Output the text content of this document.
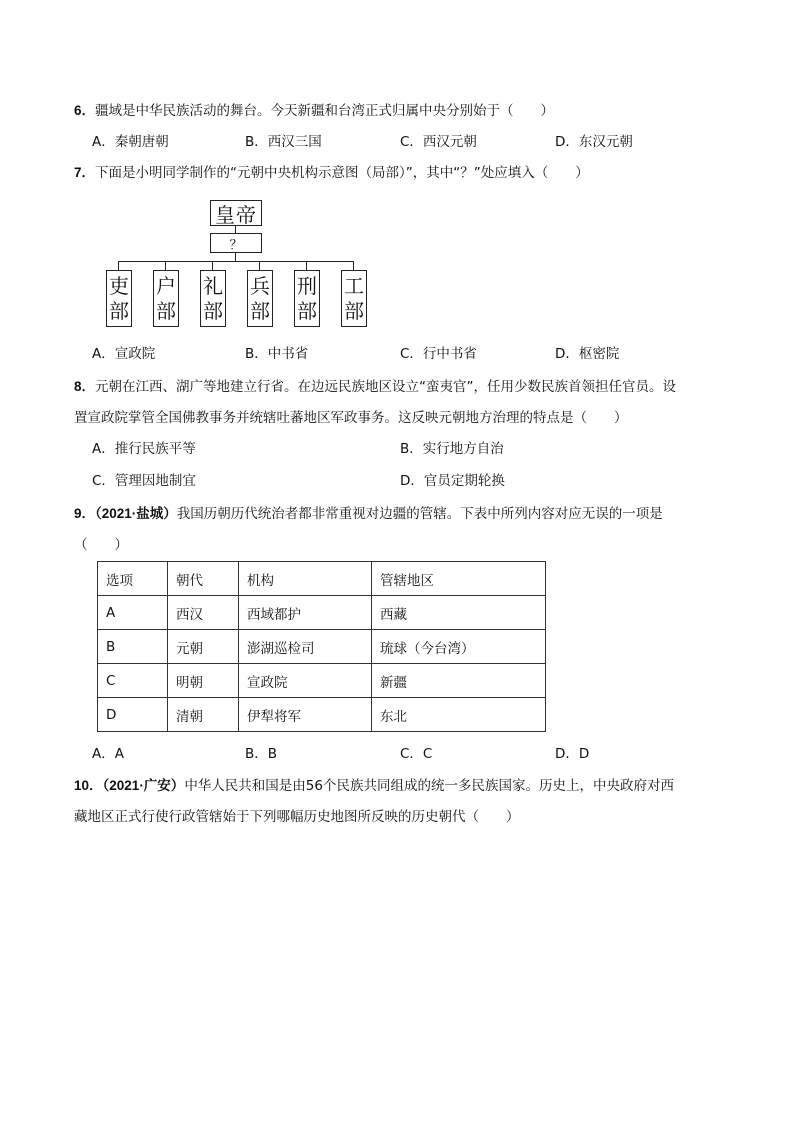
6．疆域是中华民族活动的舞台。今天新疆和台湾正式归属中央分别始于（　　）
A．秦朝唐朝	B．西汉三国	C．西汉元朝	D．东汉元朝
7．下面是小明同学制作的“元朝中央机构示意图（局部）”，其中“？”处应填入（　　）
皇帝
？
吏
部
户
部
礼
部
兵
部
刑
部
工
部
A．宣政院	B．中书省	C．行中书省	D．枢密院
8．元朝在江西、湖广等地建立行省。在边远民族地区设立“蛮夷官”，任用少数民族首领担任官员。设
置宣政院掌管全国佛教事务并统辖吐蕃地区军政事务。这反映元朝地方治理的特点是（　　）
A．推行民族平等	B．实行地方自治
C．管理因地制宜	D．官员定期轮换
9．（2021·盐城）我国历朝历代统治者都非常重视对边疆的管辖。下表中所列内容对应无误的一项是
（　　）
选项	朝代	机构	管辖地区
A	西汉	西域都护	西藏
B	元朝	澎湖巡检司	琉球（今台湾）
C	明朝	宣政院	新疆
D	清朝	伊犁将军	东北
A．A	B．B	C．C	D．D
10．（2021·广安）中华人民共和国是由56个民族共同组成的统一多民族国家。历史上，中央政府对西
藏地区正式行使行政管辖始于下列哪幅历史地图所反映的历史朝代（　　）
